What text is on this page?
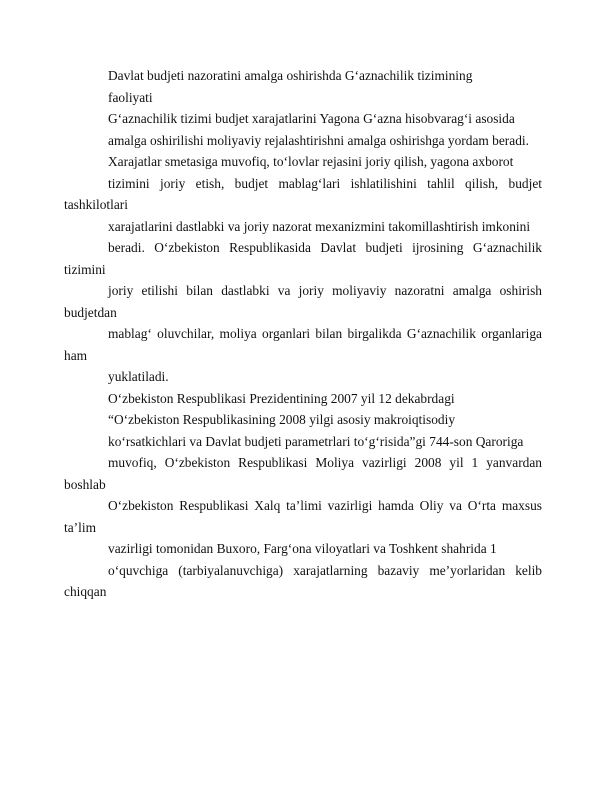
Davlat budjeti nazoratini amalga oshirishda G‘aznachilik tizimining

faoliyati

G‘aznachilik tizimi budjet xarajatlarini Yagona G‘azna hisobvarag‘i asosida

amalga oshirilishi moliyaviy rejalashtirishni amalga oshirishga yordam beradi.

Xarajatlar smetasiga muvofiq, to‘lovlar rejasini joriy qilish, yagona axborot

tizimini joriy etish, budjet mablag‘lari ishlatilishini tahlil qilish, budjet tashkilotlari

xarajatlarini dastlabki va joriy nazorat mexanizmini takomillashtirish imkonini

beradi. O‘zbekiston Respublikasida Davlat budjeti ijrosining G‘aznachilik tizimini

joriy etilishi bilan dastlabki va joriy moliyaviy nazoratni amalga oshirish budjetdan

mablag‘ oluvchilar, moliya organlari bilan birgalikda G‘aznachilik organlariga ham

yuklatiladi.

O‘zbekiston Respublikasi Prezidentining 2007 yil 12 dekabrdagi

“O‘zbekiston Respublikasining 2008 yilgi asosiy makroiqtisodiy

ko‘rsatkichlari va Davlat budjeti parametrlari to‘g‘risida”gi 744-son Qaroriga

muvofiq, O‘zbekiston Respublikasi Moliya vazirligi 2008 yil 1 yanvardan boshlab

O‘zbekiston Respublikasi Xalq ta’limi vazirligi hamda Oliy va O‘rta maxsus ta’lim

vazirligi tomonidan Buxoro, Farg‘ona viloyatlari va Toshkent shahrida 1

o‘quvchiga (tarbiyalanuvchiga) xarajatlarning bazaviy me’yorlaridan kelib chiqqan
